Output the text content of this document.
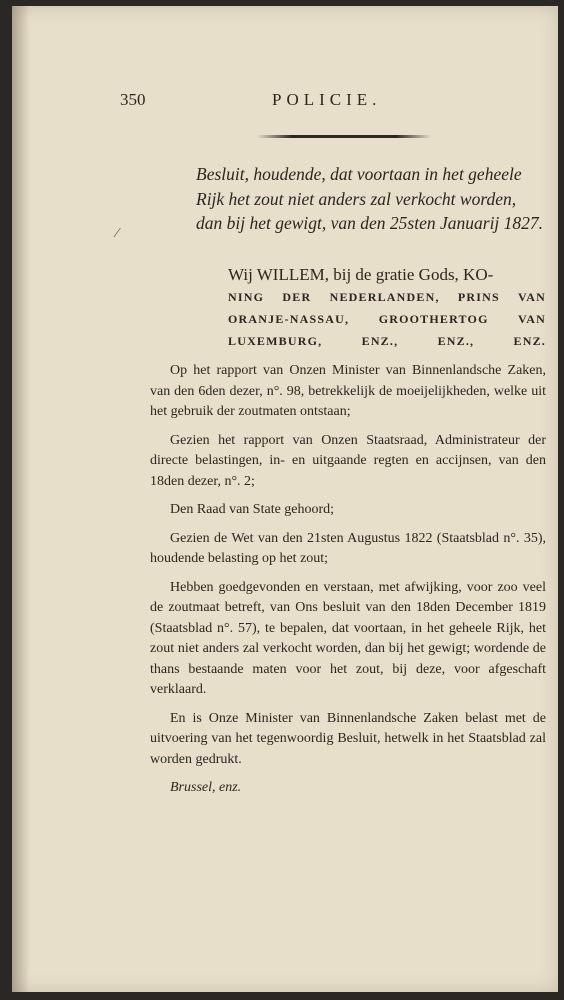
350	POLICIE.
⁄
Besluit, houdende, dat voortaan in het geheele Rijk het zout niet anders zal verkocht worden, dan bij het gewigt, van den 25sten Januarij 1827.
Wij WILLEM, bij de gratie Gods, KO-
NING DER NEDERLANDEN, PRINS VAN ORANJE-NASSAU, GROOTHERTOG VAN LUXEMBURG, ENZ., ENZ., ENZ.

Op het rapport van Onzen Minister van Binnenlandsche Zaken, van den 6den dezer, n°. 98, betrekkelijk de moeijelijkheden, welke uit het gebruik der zoutmaten ontstaan;

Gezien het rapport van Onzen Staatsraad, Administrateur der directe belastingen, in- en uitgaande regten en accijnsen, van den 18den dezer, n°. 2;

Den Raad van State gehoord;

Gezien de Wet van den 21sten Augustus 1822 (Staatsblad n°. 35), houdende belasting op het zout;

Hebben goedgevonden en verstaan, met afwijking, voor zoo veel de zoutmaat betreft, van Ons besluit van den 18den December 1819 (Staatsblad n°. 57), te bepalen, dat voortaan, in het geheele Rijk, het zout niet anders zal verkocht worden, dan bij het gewigt; wordende de thans bestaande maten voor het zout, bij deze, voor afgeschaft verklaard.

En is Onze Minister van Binnenlandsche Zaken belast met de uitvoering van het tegenwoordig Besluit, hetwelk in het Staatsblad zal worden gedrukt.

Brussel, enz.
